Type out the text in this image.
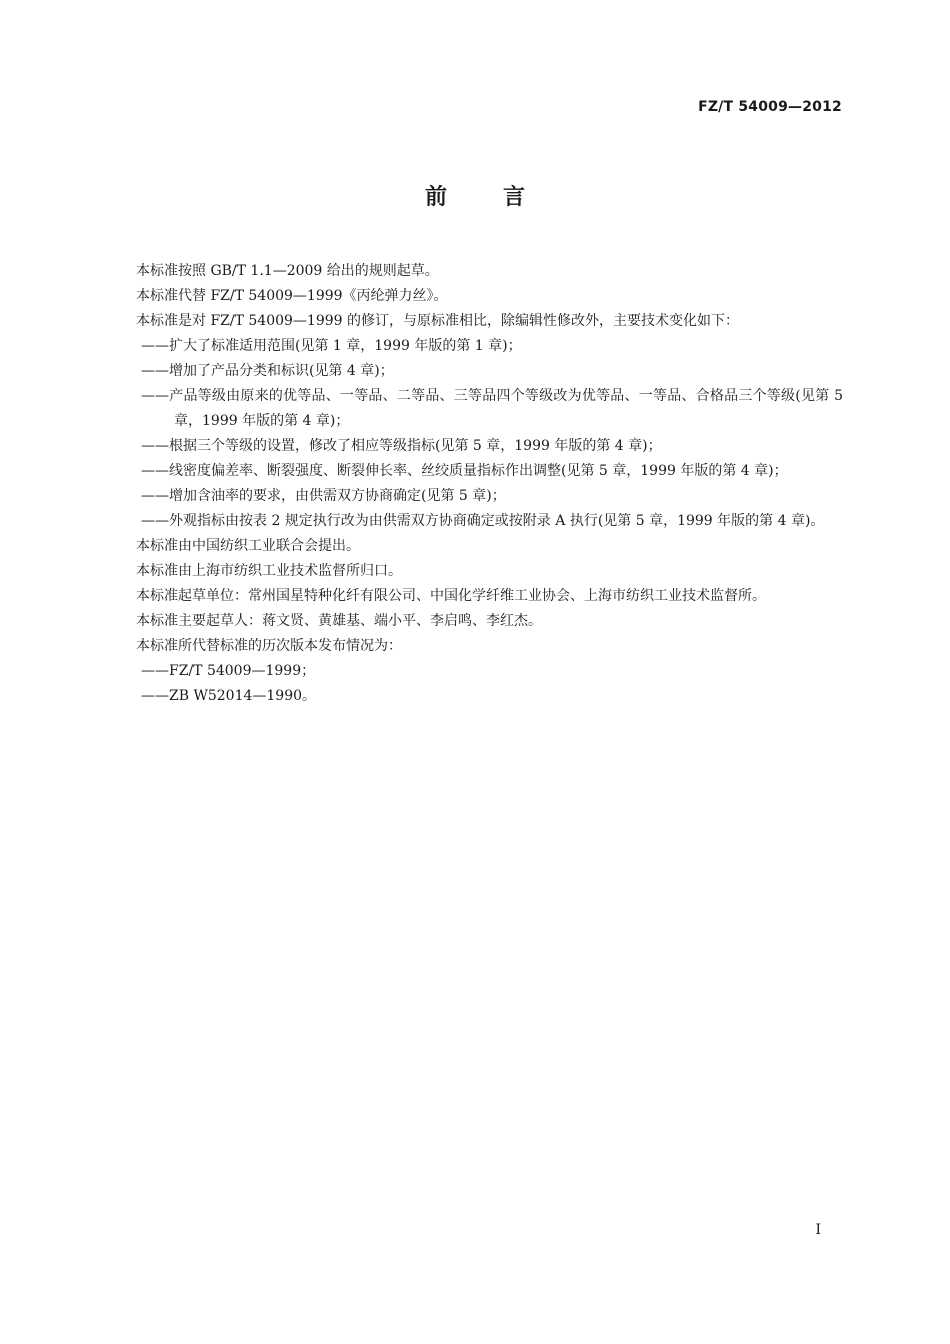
FZ/T 54009—2012
前	言

本标准按照 GB/T 1.1—2009 给出的规则起草。

本标准代替 FZ/T 54009—1999《丙纶弹力丝》。

本标准是对 FZ/T 54009—1999 的修订，与原标准相比，除编辑性修改外，主要技术变化如下：

——扩大了标准适用范围(见第 1 章，1999 年版的第 1 章)；

——增加了产品分类和标识(见第 4 章)；

——产品等级由原来的优等品、一等品、二等品、三等品四个等级改为优等品、一等品、合格品三个等级(见第 5 章，1999 年版的第 4 章)；

——根据三个等级的设置，修改了相应等级指标(见第 5 章，1999 年版的第 4 章)；

——线密度偏差率、断裂强度、断裂伸长率、丝绞质量指标作出调整(见第 5 章，1999 年版的第 4 章)；

——增加含油率的要求，由供需双方协商确定(见第 5 章)；

——外观指标由按表 2 规定执行改为由供需双方协商确定或按附录 A 执行(见第 5 章，1999 年版的第 4 章)。

本标准由中国纺织工业联合会提出。

本标准由上海市纺织工业技术监督所归口。

本标准起草单位：常州国星特种化纤有限公司、中国化学纤维工业协会、上海市纺织工业技术监督所。

本标准主要起草人：蒋文贤、黄雄基、端小平、李启鸣、李红杰。

本标准所代替标准的历次版本发布情况为：

——FZ/T 54009—1999；

——ZB W52014—1990。

I
